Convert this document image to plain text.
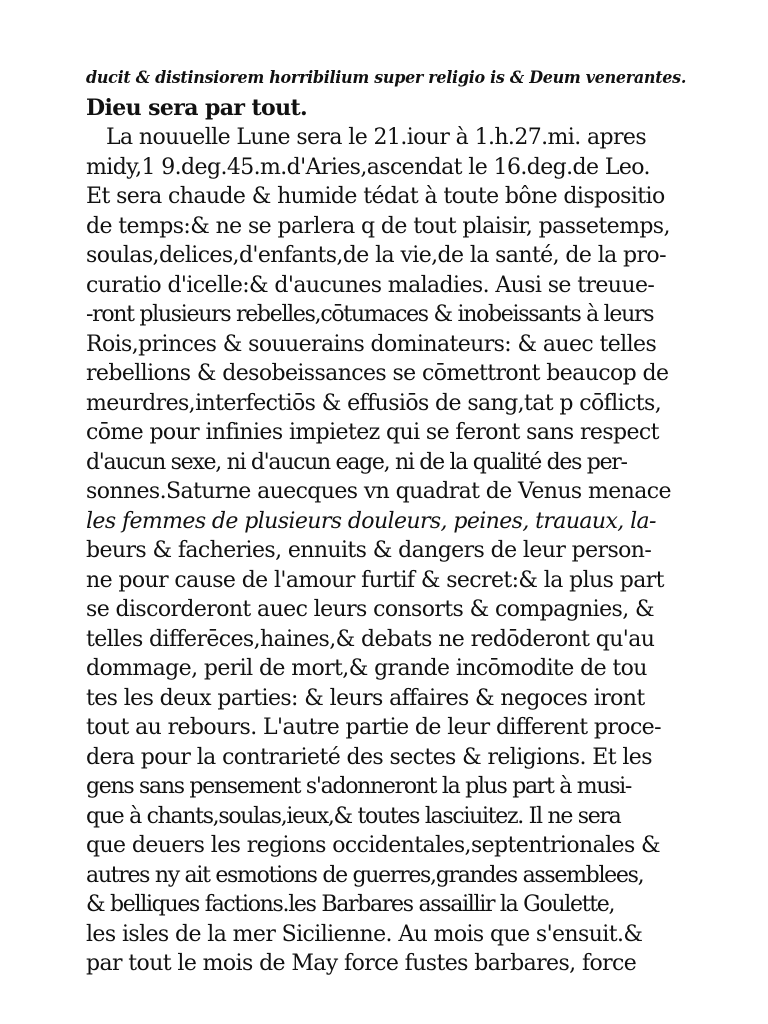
ducit & distinsiorem horribilium super religio is & Deum venerantes.
Dieu sera par tout.
La nouuelle Lune sera le 21.iour à 1.h.27.mi. apres
midy,1 9.deg.45.m.d'Aries,ascendat le 16.deg.de Leo.
Et sera chaude & humide tédat à toute bône dispositio
de temps:& ne se parlera q de tout plaisir, passetemps,
soulas,delices,d'enfants,de la vie,de la santé, de la pro-
curatio d'icelle:& d'aucunes maladies. Ausi se treuue-
-ront plusieurs rebelles,cōtumaces & inobeissants à leurs
Rois,princes & souuerains dominateurs: & auec telles
rebellions & desobeissances se cōmettront beaucop de
meurdres,interfectiōs & effusiōs de sang,tat p cōflicts,
cōme pour infinies impietez qui se feront sans respect
d'aucun sexe, ni d'aucun eage, ni de la qualité des per-
sonnes.Saturne auecques vn quadrat de Venus menace
les femmes de plusieurs douleurs, peines, trauaux, la-
beurs & facheries, ennuits & dangers de leur person-
ne pour cause de l'amour furtif & secret:& la plus part
se discorderont auec leurs consorts & compagnies, &
telles differēces,haines,& debats ne redōderont qu'au
dommage, peril de mort,& grande incōmodite de tou
tes les deux parties: & leurs affaires & negoces iront
tout au rebours. L'autre partie de leur different proce-
dera pour la contrarieté des sectes & religions. Et les
gens sans pensement s'adonneront la plus part à musi-
que à chants,soulas,ieux,& toutes lasciuitez. Il ne sera
que deuers les regions occidentales,septentrionales &
autres ny ait esmotions de guerres,grandes assemblees,
& belliques factions.les Barbares assaillir la Goulette,
les isles de la mer Sicilienne. Au mois que s'ensuit.&
par tout le mois de May force fustes barbares, force
